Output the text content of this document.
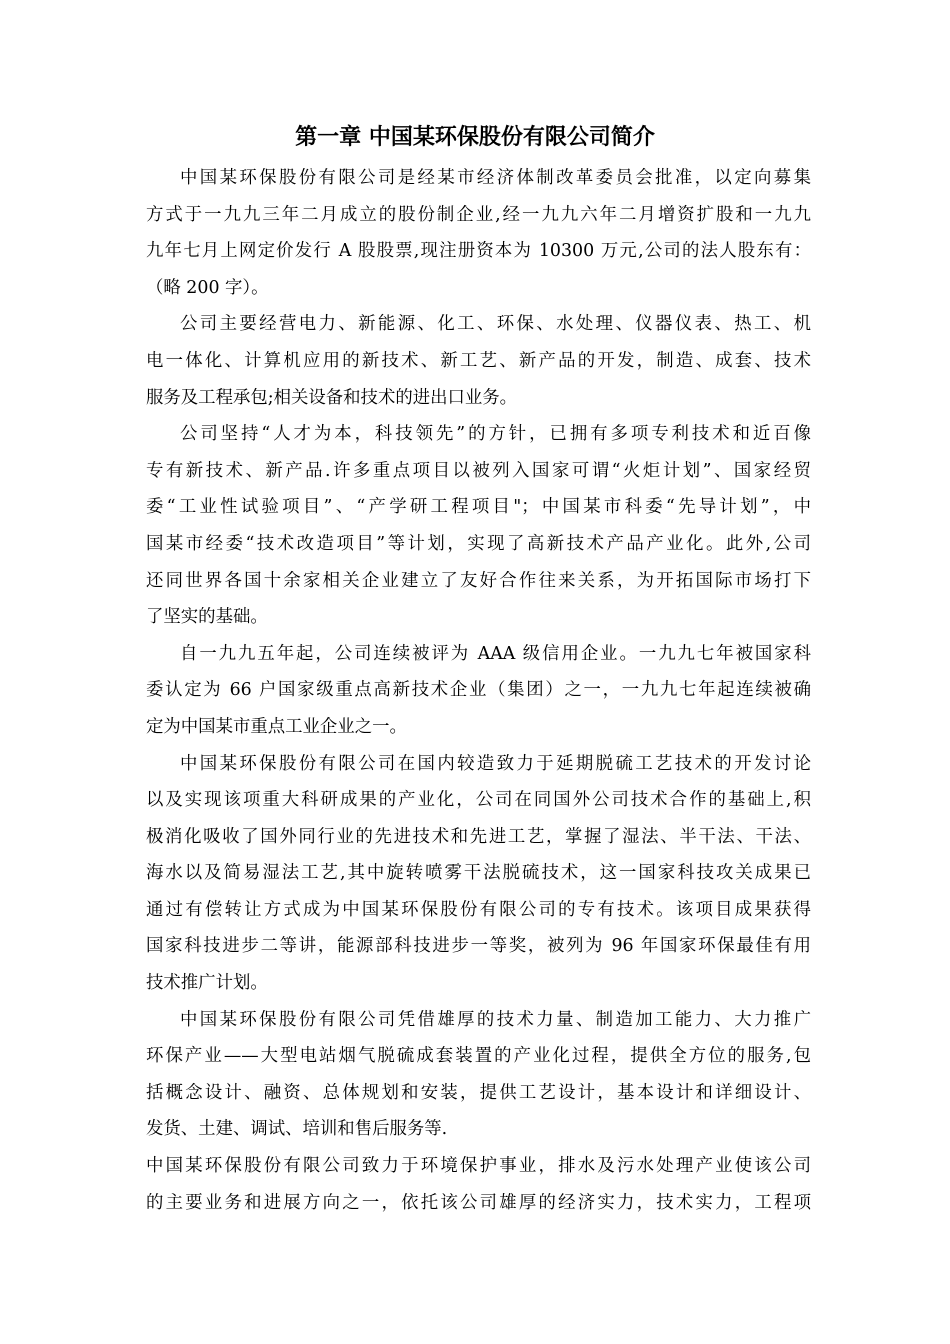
第一章 中国某环保股份有限公司简介
中国某环保股份有限公司是经某市经济体制改革委员会批准，以定向募集
方式于一九九三年二月成立的股份制企业,经一九九六年二月增资扩股和一九九
九年七月上网定价发行 A 股股票,现注册资本为 10300 万元,公司的法人股东有：
（略 200 字）。
公司主要经营电力、新能源、化工、环保、水处理、仪器仪表、热工、机
电一体化、计算机应用的新技术、新工艺、新产品的开发，制造、成套、技术
服务及工程承包;相关设备和技术的进出口业务。
公司坚持“人才为本，科技领先”的方针，已拥有多项专利技术和近百像
专有新技术、新产品.许多重点项目以被列入国家可谓“火炬计划”、国家经贸
委“工业性试验项目”、“产学研工程项目"；中国某市科委“先导计划”，中
国某市经委“技术改造项目”等计划，实现了高新技术产品产业化。此外,公司
还同世界各国十余家相关企业建立了友好合作往来关系，为开拓国际市场打下
了坚实的基础。
自一九九五年起，公司连续被评为 AAA 级信用企业。一九九七年被国家科
委认定为 66 户国家级重点高新技术企业（集团）之一，一九九七年起连续被确
定为中国某市重点工业企业之一。
中国某环保股份有限公司在国内较造致力于延期脱硫工艺技术的开发讨论
以及实现该项重大科研成果的产业化，公司在同国外公司技术合作的基础上,积
极消化吸收了国外同行业的先进技术和先进工艺，掌握了湿法、半干法、干法、
海水以及简易湿法工艺,其中旋转喷雾干法脱硫技术，这一国家科技攻关成果已
通过有偿转让方式成为中国某环保股份有限公司的专有技术。该项目成果获得
国家科技进步二等讲，能源部科技进步一等奖，被列为 96 年国家环保最佳有用
技术推广计划。
中国某环保股份有限公司凭借雄厚的技术力量、制造加工能力、大力推广
环保产业——大型电站烟气脱硫成套装置的产业化过程，提供全方位的服务,包
括概念设计、融资、总体规划和安装，提供工艺设计，基本设计和详细设计、
发货、土建、调试、培训和售后服务等.
中国某环保股份有限公司致力于环境保护事业，排水及污水处理产业使该公司
的主要业务和进展方向之一，依托该公司雄厚的经济实力，技术实力，工程项
